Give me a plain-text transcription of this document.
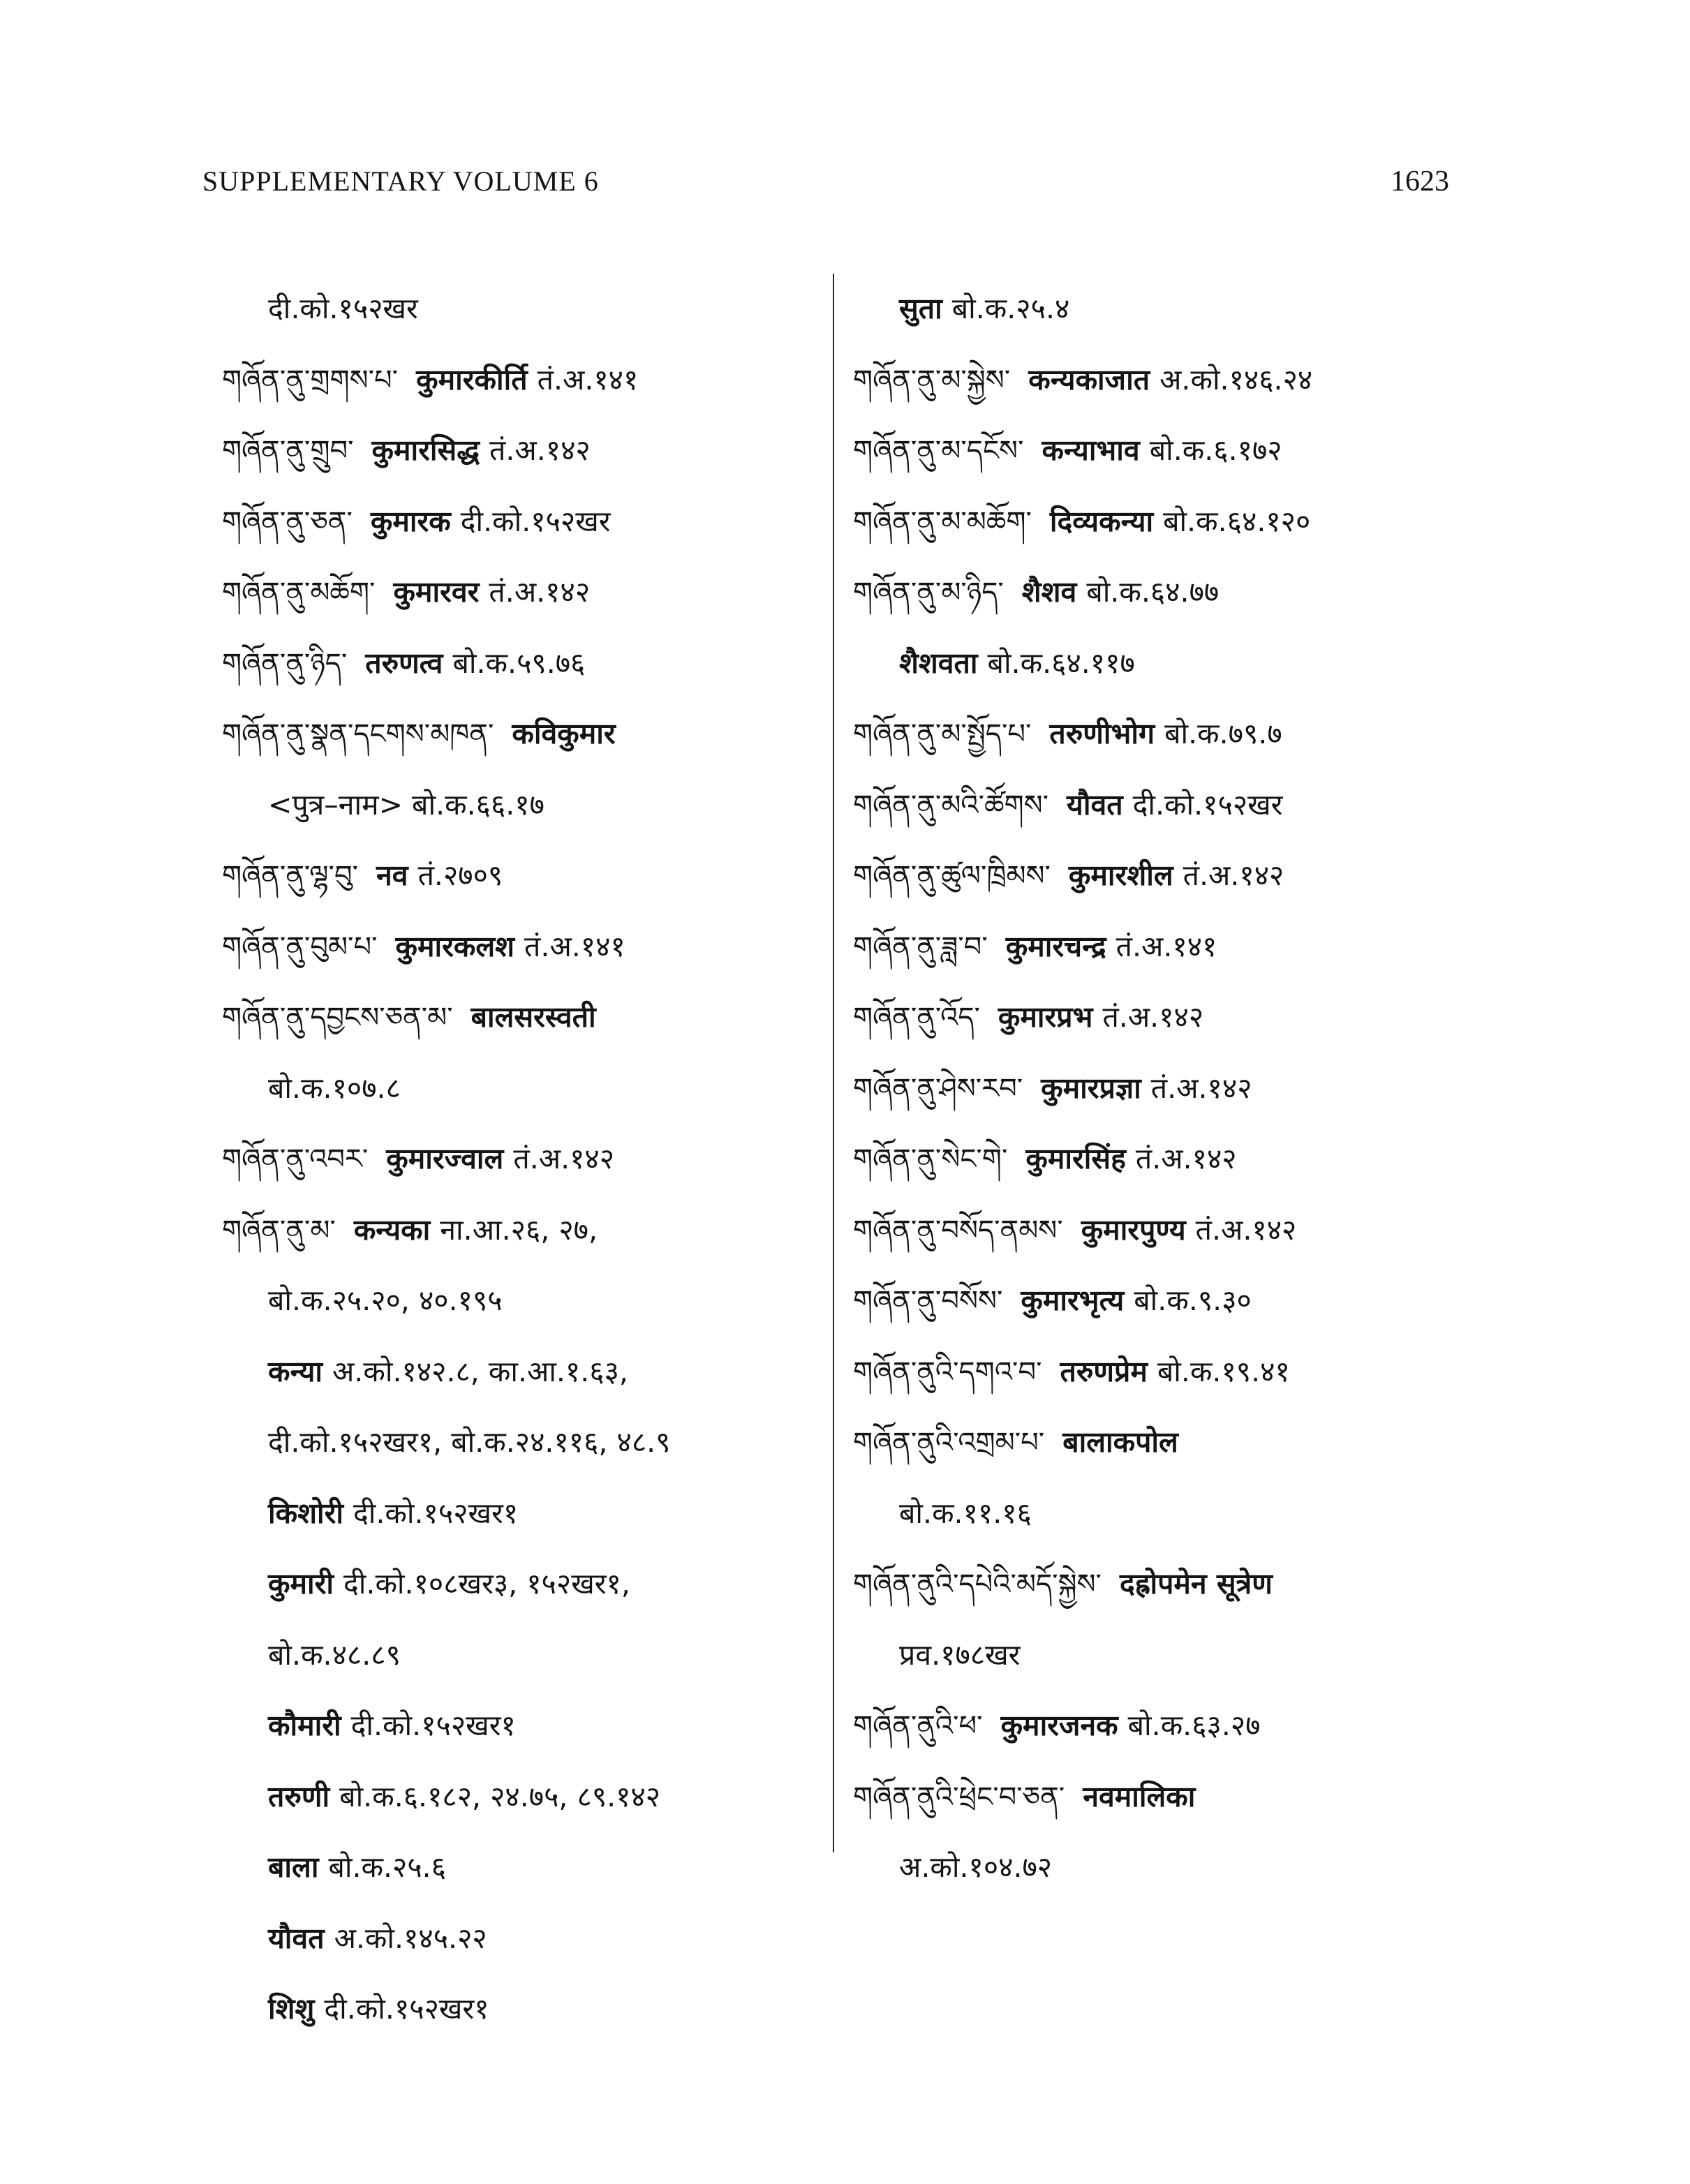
SUPPLEMENTARY VOLUME 6	1623
दी.को.१५२खर
གཞོན་ནུ་གྲགས་པ་ कुमारकीर्ति तं.अ.१४१
གཞོན་ནུ་གྲུབ་ कुमारसिद्ध तं.अ.१४२
གཞོན་ནུ་ཅན་ कुमारक दी.को.१५२खर
གཞོན་ནུ་མཆོག་ कुमारवर तं.अ.१४२
གཞོན་ནུ་ཉིད་ तरुणत्व बो.क.५९.७६
གཞོན་ནུ་སྣན་དངགས་མཁན་ कविकुमार
<पुत्र–नाम> बो.क.६६.१७
གཞོན་ནུ་ལྷ་བུ་ नव तं.२७०९
གཞོན་ནུ་བུམ་པ་ कुमारकलश तं.अ.१४१
གཞོན་ནུ་དབྱངས་ཅན་མ་ बालसरस्वती
बो.क.१०७.८
གཞོན་ནུ་འབར་ कुमारज्वाल तं.अ.१४२
གཞོན་ནུ་མ་ कन्यका ना.आ.२६, २७,
बो.क.२५.२०, ४०.१९५
कन्या अ.को.१४२.८, का.आ.१.६३,
दी.को.१५२खर१, बो.क.२४.११६, ४८.९
किशोरी दी.को.१५२खर१
कुमारी दी.को.१०८खर३, १५२खर१,
बो.क.४८.८९
कौमारी दी.को.१५२खर१
तरुणी बो.क.६.१८२, २४.७५, ८९.१४२
बाला बो.क.२५.६
यौवत अ.को.१४५.२२
शिशु दी.को.१५२खर१
सुता बो.क.२५.४
གཞོན་ནུ་མ་སྐྱེས་ कन्यकाजात अ.को.१४६.२४
གཞོན་ནུ་མ་དངོས་ कन्याभाव बो.क.६.१७२
གཞོན་ནུ་མ་མཆོག་ दिव्यकन्या बो.क.६४.१२०
གཞོན་ནུ་མ་ཉིད་ शैशव बो.क.६४.७७
शैशवता बो.क.६४.११७
གཞོན་ནུ་མ་སྤྱོད་པ་ तरुणीभोग बो.क.७९.७
གཞོན་ནུ་མའི་ཚོགས་ यौवत दी.को.१५२खर
གཞོན་ནུ་ཚུལ་ཁྲིམས་ कुमारशील तं.अ.१४२
གཞོན་ནུ་ཟླ་བ་ कुमारचन्द्र तं.अ.१४१
གཞོན་ནུ་འོད་ कुमारप्रभ तं.अ.१४२
གཞོན་ནུ་ཤེས་རབ་ कुमारप्रज्ञा तं.अ.१४२
གཞོན་ནུ་སེང་གེ་ कुमारसिंह तं.अ.१४२
གཞོན་ནུ་བསོད་ནམས་ कुमारपुण्य तं.अ.१४२
གཞོན་ནུ་བསོས་ कुमारभृत्य बो.क.९.३०
གཞོན་ནུའི་དགའ་བ་ तरुणप्रेम बो.क.१९.४१
གཞོན་ནུའི་འགྲམ་པ་ बालाकपोल
बो.क.११.१६
གཞོན་ནུའི་དཔེའི་མདོ་སྐྱེས་ दह्रोपमेन सूत्रेण
प्रव.१७८खर
གཞོན་ནུའི་ཕ་ कुमारजनक बो.क.६३.२७
གཞོན་ནུའི་ཕྲེང་བ་ཅན་ नवमालिका
अ.को.१०४.७२
